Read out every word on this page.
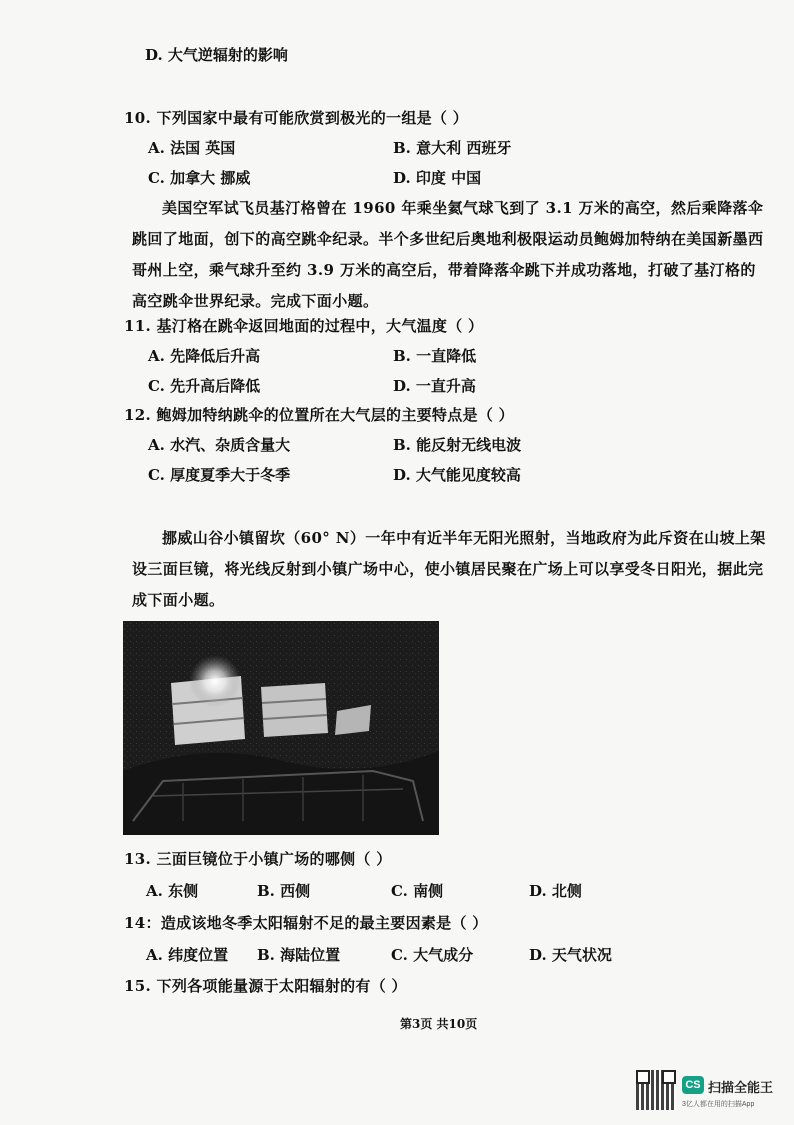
D. 大气逆辐射的影响
10. 下列国家中最有可能欣赏到极光的一组是（ ）
A. 法国 英国	B. 意大利 西班牙
C. 加拿大 挪威	D. 印度 中国
美国空军试飞员基汀格曾在 1960 年乘坐氦气球飞到了 3.1 万米的高空，然后乘降落伞跳回了地面，创下的高空跳伞纪录。半个多世纪后奥地利极限运动员鲍姆加特纳在美国新墨西哥州上空，乘气球升至约 3.9 万米的高空后，带着降落伞跳下并成功落地，打破了基汀格的高空跳伞世界纪录。完成下面小题。
11. 基汀格在跳伞返回地面的过程中，大气温度（ ）
A. 先降低后升高	B. 一直降低
C. 先升高后降低	D. 一直升高
12. 鲍姆加特纳跳伞的位置所在大气层的主要特点是（ ）
A. 水汽、杂质含量大	B. 能反射无线电波
C. 厚度夏季大于冬季	D. 大气能见度较高
挪威山谷小镇留坎（60° N）一年中有近半年无阳光照射，当地政府为此斥资在山坡上架设三面巨镜，将光线反射到小镇广场中心，使小镇居民聚在广场上可以享受冬日阳光，据此完成下面小题。
13. 三面巨镜位于小镇广场的哪侧（ ）
A. 东侧	B. 西侧	C. 南侧	D. 北侧
14：造成该地冬季太阳辐射不足的最主要因素是（ ）
A. 纬度位置 B. 海陆位置	C. 大气成分	D. 天气状况
15. 下列各项能量源于太阳辐射的有（ ）
第3页 共10页
CS 扫描全能王
3亿人都在用的扫描App
